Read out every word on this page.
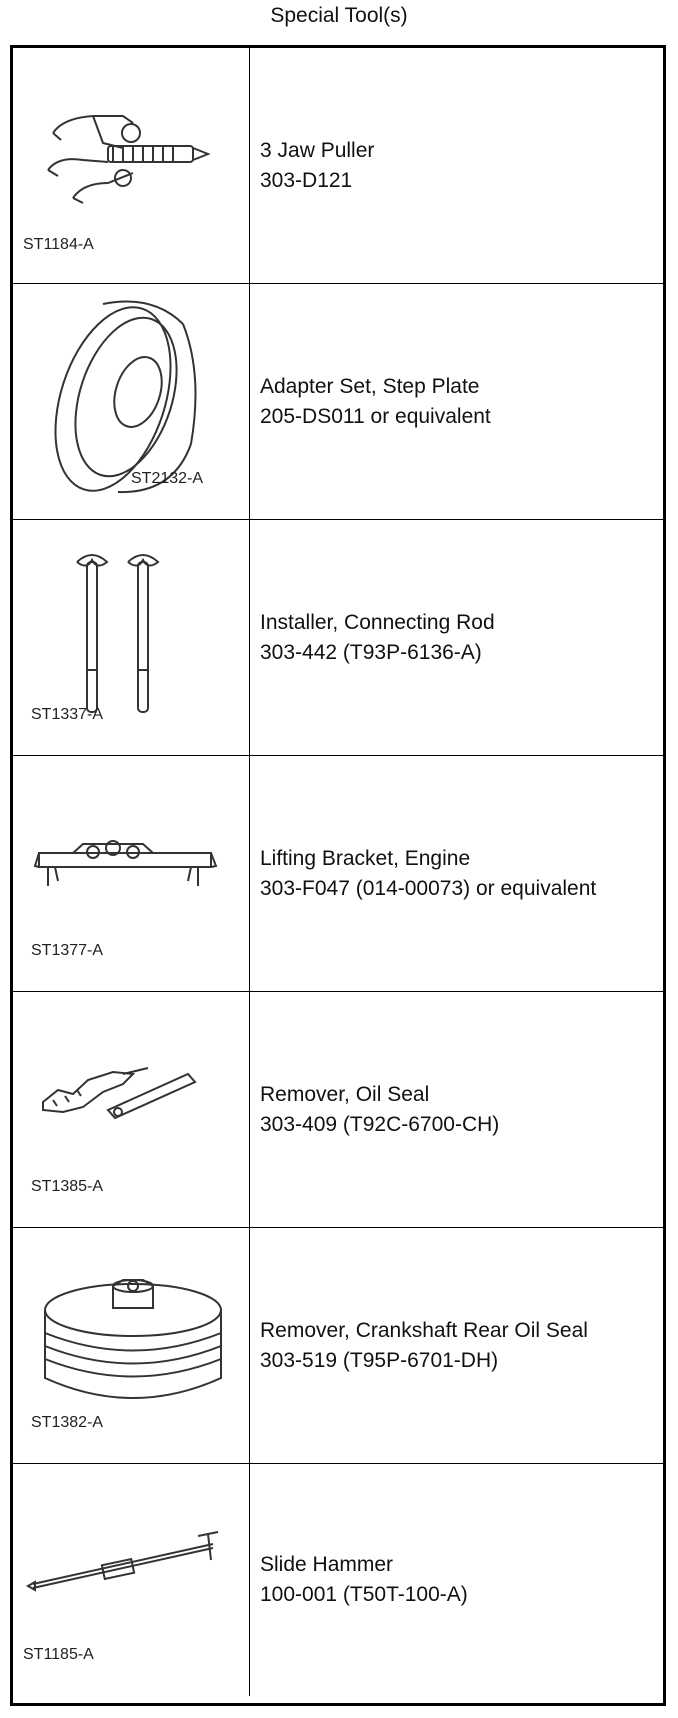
Special Tool(s)
ST1184-A
3 Jaw Puller
303-D121
ST2132-A
Adapter Set, Step Plate
205-DS011 or equivalent
ST1337-A
Installer, Connecting Rod
303-442 (T93P-6136-A)
ST1377-A
Lifting Bracket, Engine
303-F047 (014-00073) or equivalent
ST1385-A
Remover, Oil Seal
303-409 (T92C-6700-CH)
ST1382-A
Remover, Crankshaft Rear Oil Seal
303-519 (T95P-6701-DH)
ST1185-A
Slide Hammer
100-001 (T50T-100-A)
